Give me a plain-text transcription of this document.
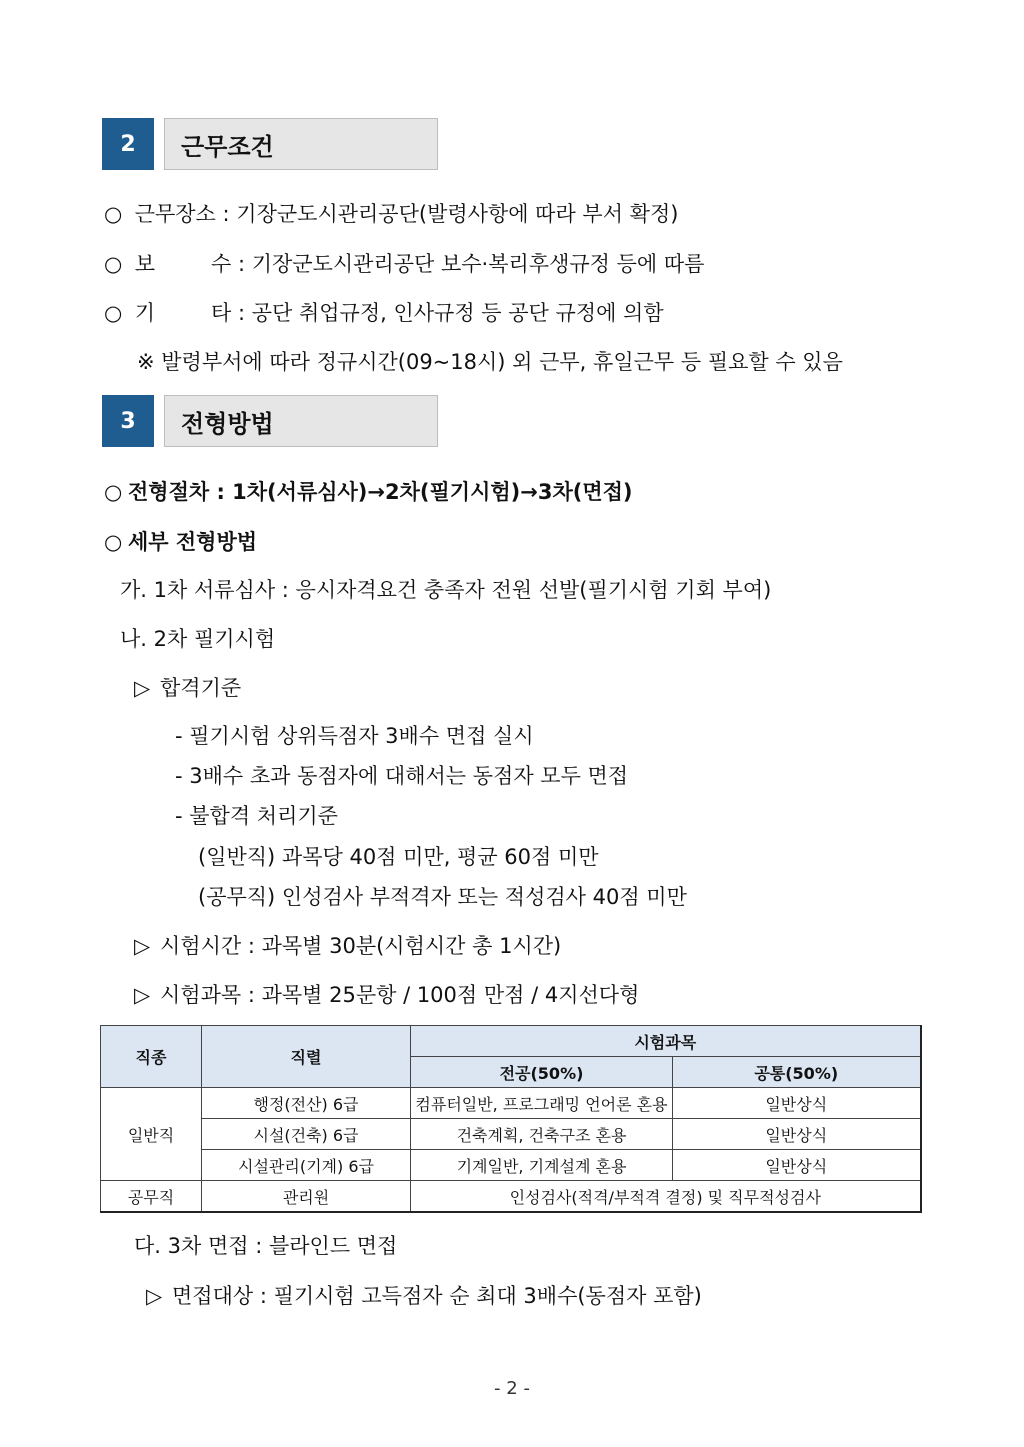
2	근무조건
○ 근무장소 : 기장군도시관리공단(발령사항에 따라 부서 확정)
○ 보	수 : 기장군도시관리공단 보수·복리후생규정 등에 따름
○ 기	타 : 공단 취업규정, 인사규정 등 공단 규정에 의함
※ 발령부서에 따라 정규시간(09~18시) 외 근무, 휴일근무 등 필요할 수 있음
3	전형방법
○ 전형절차 : 1차(서류심사)→2차(필기시험)→3차(면접)
○ 세부 전형방법
가. 1차 서류심사 : 응시자격요건 충족자 전원 선발(필기시험 기회 부여)
나. 2차 필기시험
▷ 합격기준
- 필기시험 상위득점자 3배수 면접 실시
- 3배수 초과 동점자에 대해서는 동점자 모두 면접
- 불합격 처리기준
(일반직) 과목당 40점 미만, 평균 60점 미만
(공무직) 인성검사 부적격자 또는 적성검사 40점 미만
▷ 시험시간 : 과목별 30분(시험시간 총 1시간)
▷ 시험과목 : 과목별 25문항 / 100점 만점 / 4지선다형
직종	직렬	시험과목	
		전공(50%)	공통(50%)
일반직	행정(전산) 6급	컴퓨터일반, 프로그래밍 언어론 혼용	일반상식
	시설(건축) 6급	건축계획, 건축구조 혼용	일반상식
	시설관리(기계) 6급	기계일반, 기계설계 혼용	일반상식
공무직	관리원	인성검사(적격/부적격 결정) 및 직무적성검사	
다. 3차 면접 : 블라인드 면접
▷ 면접대상 : 필기시험 고득점자 순 최대 3배수(동점자 포함)
- 2 -
